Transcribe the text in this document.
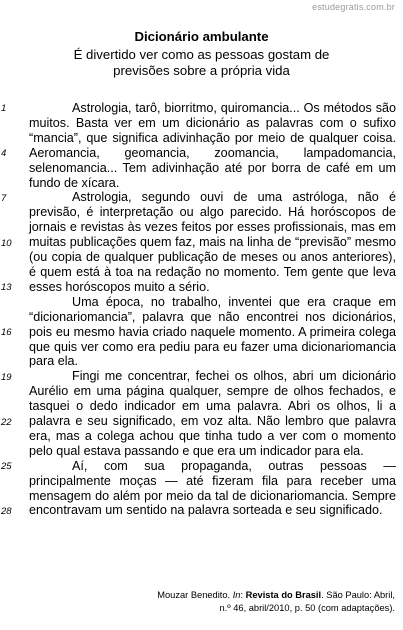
estudegratis.com.br
Dicionário ambulante
É divertido ver como as pessoas gostam de
previsões sobre a própria vida
1
4
7
10
13
16
19
22
25
28

Astrologia, tarô, biorritmo, quiromancia... Os métodos são muitos. Basta ver em um dicionário as palavras com o sufixo “mancia”, que significa adivinhação por meio de qualquer coisa. Aeromancia, geomancia, zoomancia, lampadomancia, selenomancia... Tem adivinhação até por borra de café em um fundo de xícara.

Astrologia, segundo ouvi de uma astróloga, não é previsão, é interpretação ou algo parecido. Há horóscopos de jornais e revistas às vezes feitos por esses profissionais, mas em muitas publicações quem faz, mais na linha de “previsão” mesmo (ou copia de qualquer publicação de meses ou anos anteriores), é quem está à toa na redação no momento. Tem gente que leva esses horóscopos muito a sério.

Uma época, no trabalho, inventei que era craque em “dicionariomancia”, palavra que não encontrei nos dicionários, pois eu mesmo havia criado naquele momento. A primeira colega que quis ver como era pediu para eu fazer uma dicionariomancia para ela.

Fingi me concentrar, fechei os olhos, abri um dicionário Aurélio em uma página qualquer, sempre de olhos fechados, e tasquei o dedo indicador em uma palavra. Abri os olhos, li a palavra e seu significado, em voz alta. Não lembro que palavra era, mas a colega achou que tinha tudo a ver com o momento pelo qual estava passando e que era um indicador para ela.

Aí, com sua propaganda, outras pessoas — principalmente moças — até fizeram fila para receber uma mensagem do além por meio da tal de dicionariomancia. Sempre encontravam um sentido na palavra sorteada e seu significado.

Mouzar Benedito. In: Revista do Brasil. São Paulo: Abril,
n.º 46, abril/2010, p. 50 (com adaptações).
